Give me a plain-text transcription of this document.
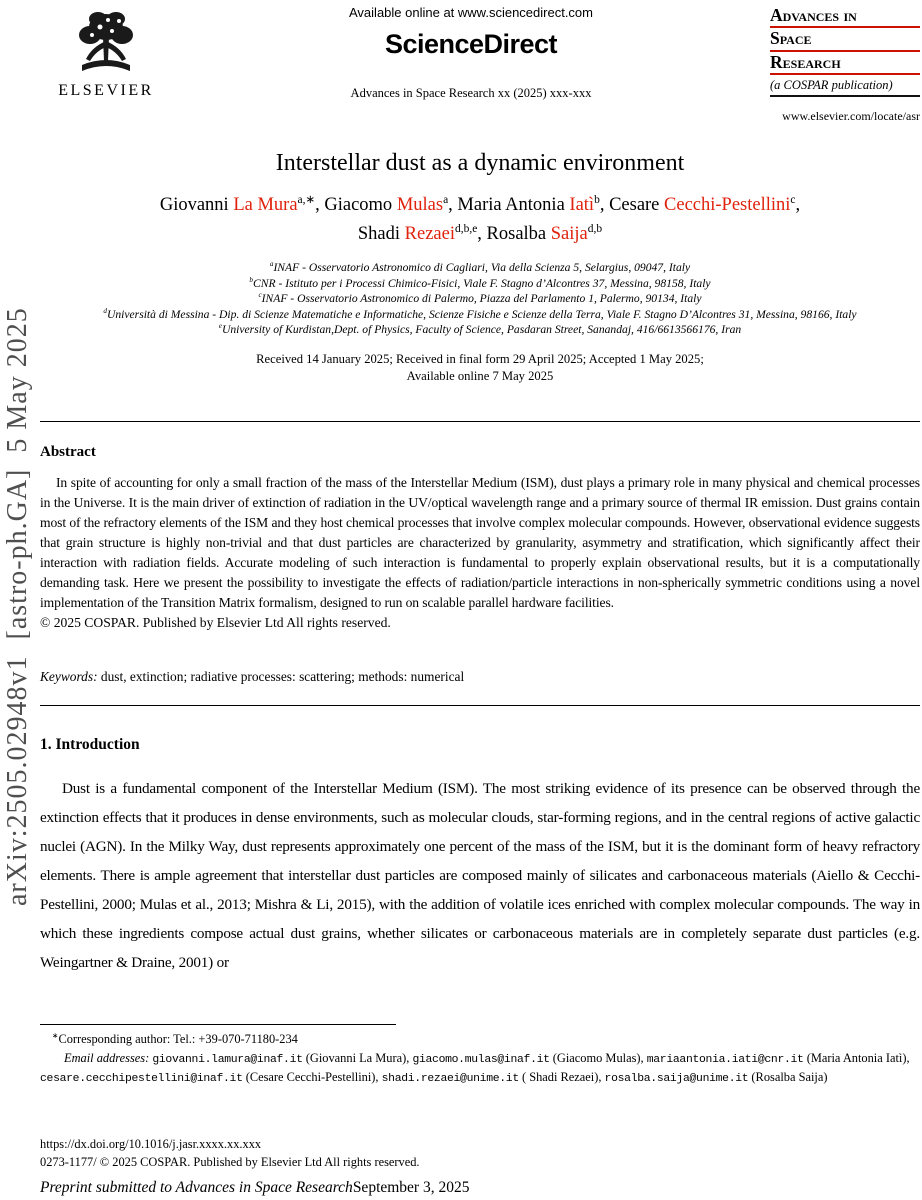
arXiv:2505.02948v1  [astro-ph.GA]  5 May 2025
ELSEVIER
Available online at www.sciencedirect.com
ScienceDirect
Advances in Space Research xx (2025) xxx-xxx
Advances in
Space
Research
(a COSPAR publication)
www.elsevier.com/locate/asr
Interstellar dust as a dynamic environment
Giovanni La Mura$^{a,∗}$, Giacomo Mulas$^a$, Maria Antonia Iatì$^b$, Cesare Cecchi-Pestellini$^c$,
Shadi Rezaei$^{d,b,e}$, Rosalba Saija$^{d,b}$
$^a$INAF - Osservatorio Astronomico di Cagliari, Via della Scienza 5, Selargius, 09047, Italy
$^b$CNR - Istituto per i Processi Chimico-Fisici, Viale F. Stagno d’Alcontres 37, Messina, 98158, Italy
$^c$INAF - Osservatorio Astronomico di Palermo, Piazza del Parlamento 1, Palermo, 90134, Italy
$^d$Università di Messina - Dip. di Scienze Matematiche e Informatiche, Scienze Fisiche e Scienze della Terra, Viale F. Stagno D’Alcontres 31, Messina, 98166, Italy
$^e$University of Kurdistan,Dept. of Physics, Faculty of Science, Pasdaran Street, Sanandaj, 416/6613566176, Iran
Received 14 January 2025; Received in final form 29 April 2025; Accepted 1 May 2025;
Available online 7 May 2025
Abstract

In spite of accounting for only a small fraction of the mass of the Interstellar Medium (ISM), dust plays a primary role in many physical and chemical processes in the Universe. It is the main driver of extinction of radiation in the UV/optical wavelength range and a primary source of thermal IR emission. Dust grains contain most of the refractory elements of the ISM and they host chemical processes that involve complex molecular compounds. However, observational evidence suggests that grain structure is highly non-trivial and that dust particles are characterized by granularity, asymmetry and stratification, which significantly affect their interaction with radiation fields. Accurate modeling of such interaction is fundamental to properly explain observational results, but it is a computationally demanding task. Here we present the possibility to investigate the effects of radiation/particle interactions in non-spherically symmetric conditions using a novel implementation of the Transition Matrix formalism, designed to run on scalable parallel hardware facilities.

© 2025 COSPAR. Published by Elsevier Ltd All rights reserved.
Keywords: dust, extinction; radiative processes: scattering; methods: numerical
1. Introduction

Dust is a fundamental component of the Interstellar Medium (ISM). The most striking evidence of its presence can be observed through the extinction effects that it produces in dense environments, such as molecular clouds, star-forming regions, and in the central regions of active galactic nuclei (AGN). In the Milky Way, dust represents approximately one percent of the mass of the ISM, but it is the dominant form of heavy refractory elements. There is ample agreement that interstellar dust particles are composed mainly of silicates and carbonaceous materials (Aiello & Cecchi-Pestellini, 2000; Mulas et al., 2013; Mishra & Li, 2015), with the addition of volatile ices enriched with complex molecular compounds. The way in which these ingredients compose actual dust grains, whether silicates or carbonaceous materials are in completely separate dust particles (e.g. Weingartner & Draine, 2001) or

∗Corresponding author: Tel.: +39-070-71180-234
Email addresses: giovanni.lamura@inaf.it (Giovanni La Mura), giacomo.mulas@inaf.it (Giacomo Mulas), mariaantonia.iati@cnr.it (Maria Antonia Iatì), cesare.cecchipestellini@inaf.it (Cesare Cecchi-Pestellini), shadi.rezaei@unime.it ( Shadi Rezaei), rosalba.saija@unime.it (Rosalba Saija)
https://dx.doi.org/10.1016/j.jasr.xxxx.xx.xxx
0273-1177/ © 2025 COSPAR. Published by Elsevier Ltd All rights reserved.
Preprint submitted to Advances in Space ResearchSeptember 3, 2025
